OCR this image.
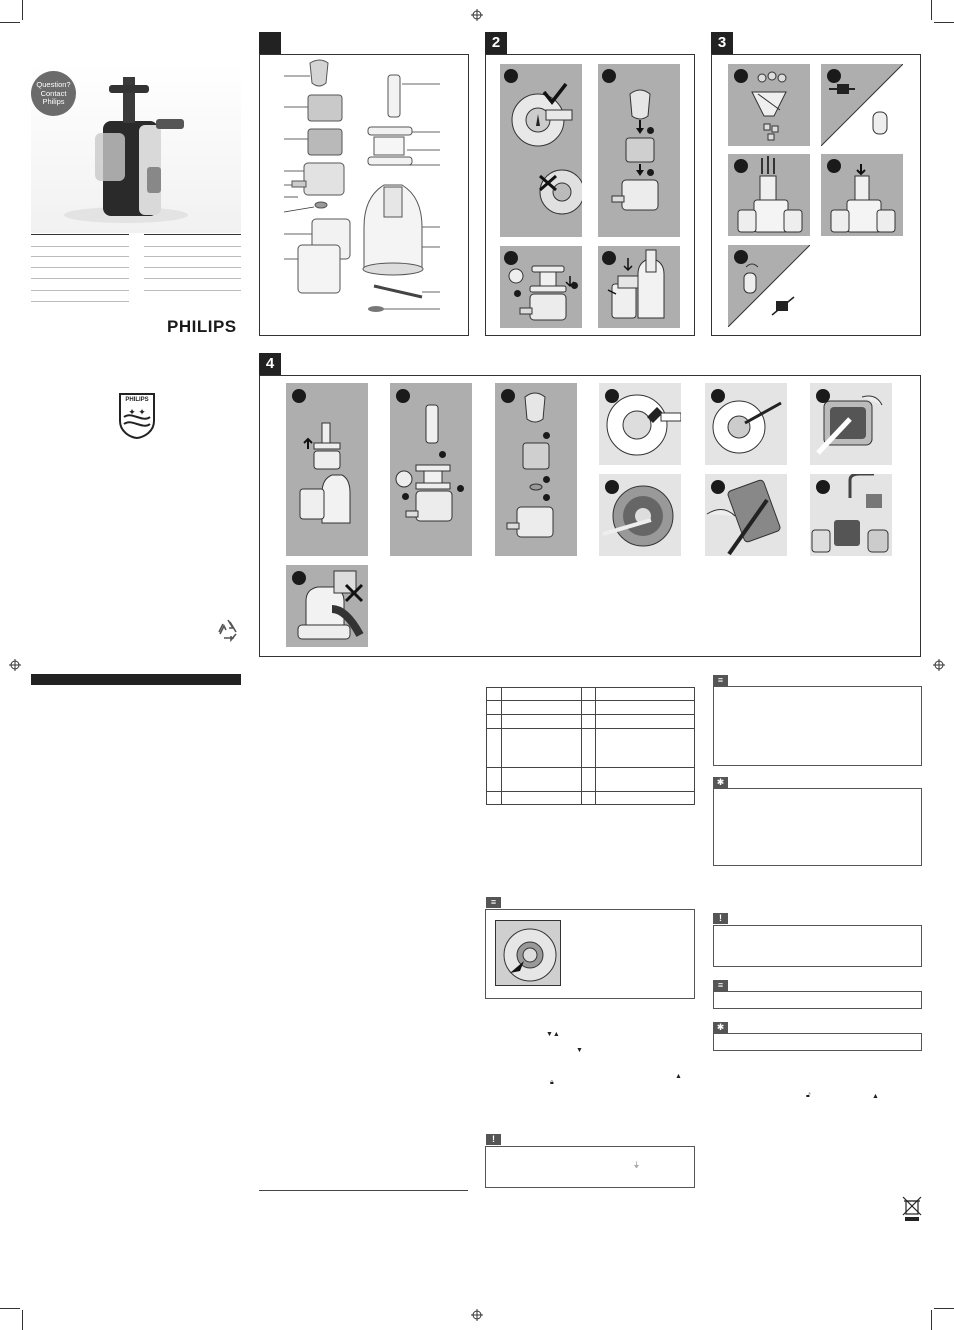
Question?
Contact
Philips
PHILIPS
✦ ✦
PHILIPS
1	2	3
4

≡
▼▲
▼
▲
🔒︎
!
⏚
≡
✱
!
≡
✱
🔓︎	▲
